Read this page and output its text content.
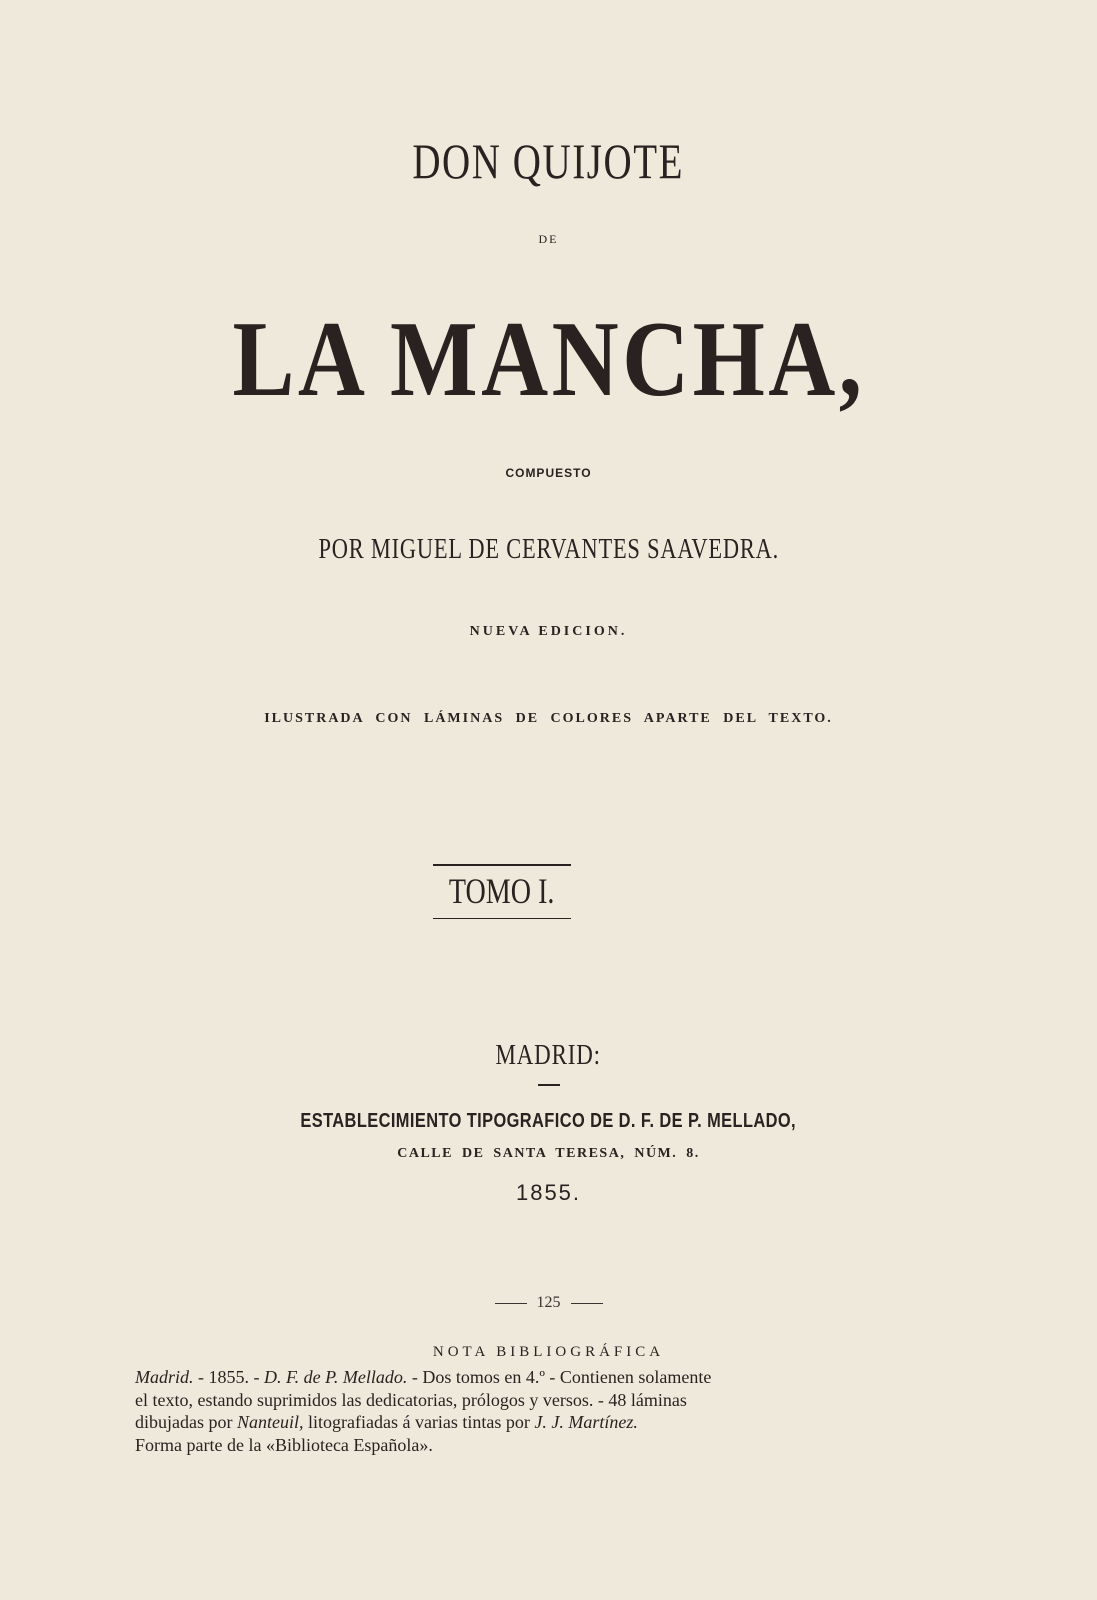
DON QUIJOTE
DE
LA MANCHA,
COMPUESTO
POR MIGUEL DE CERVANTES SAAVEDRA.
NUEVA EDICION.
ILUSTRADA CON LÁMINAS DE COLORES APARTE DEL TEXTO.
TOMO I.
MADRID:
ESTABLECIMIENTO TIPOGRAFICO DE D. F. DE P. MELLADO,
CALLE DE SANTA TERESA, NÚM. 8.
1855.
125
NOTA BIBLIOGRÁFICA

Madrid. - 1855. - D. F. de P. Mellado. - Dos tomos en 4.º - Contienen solamente

el texto, estando suprimidos las dedicatorias, prólogos y versos. - 48 láminas

dibujadas por Nanteuil, litografiadas á varias tintas por J. J. Martínez.

Forma parte de la «Biblioteca Española».
